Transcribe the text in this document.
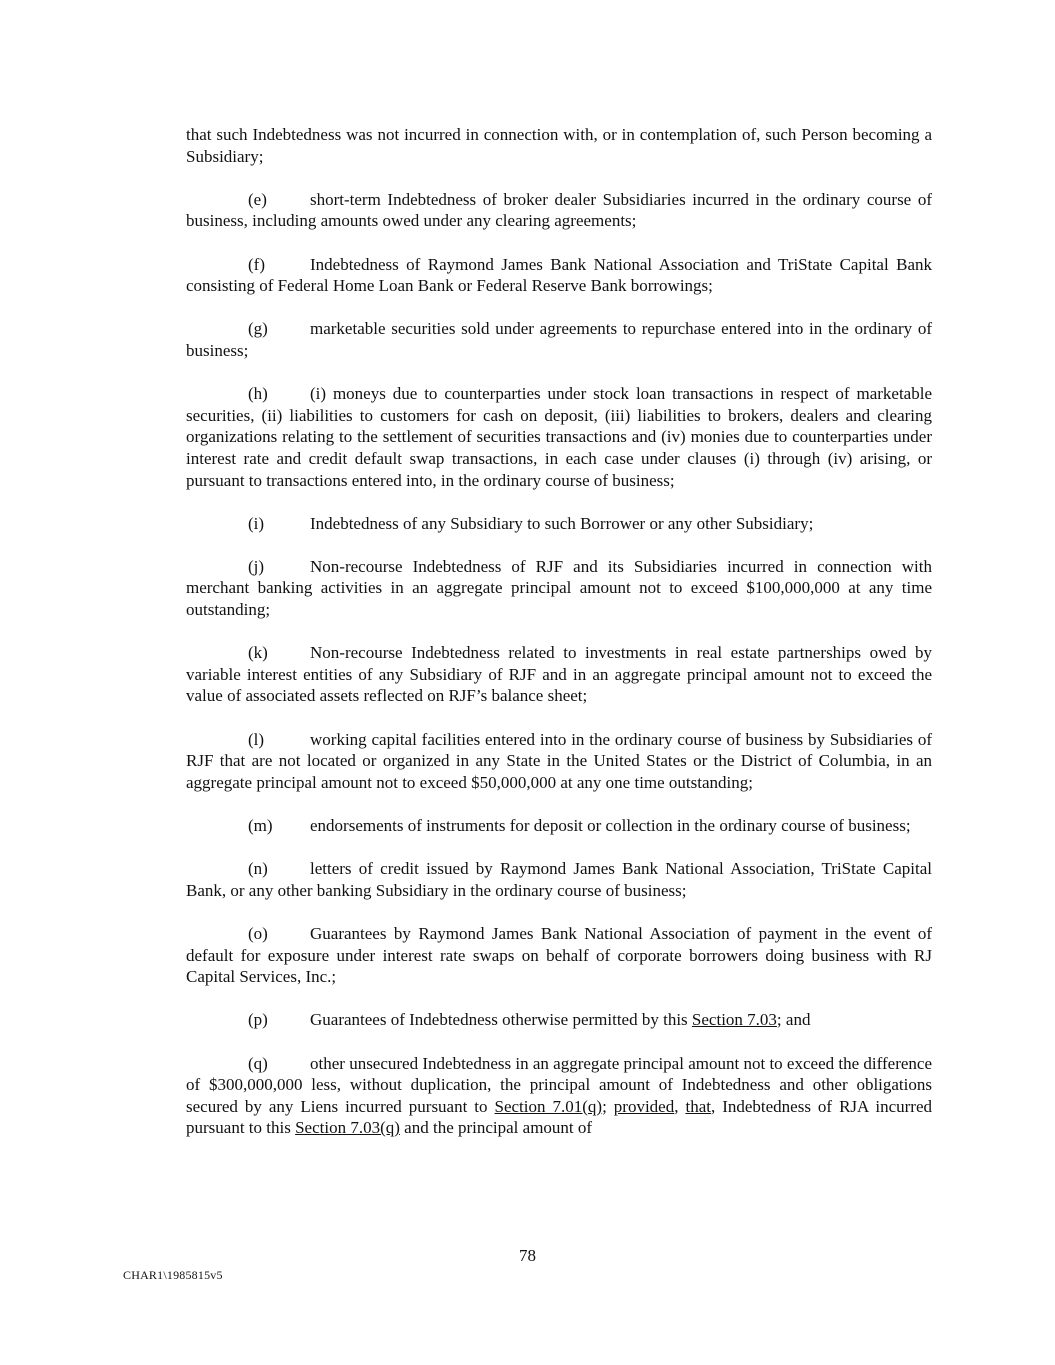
that such Indebtedness was not incurred in connection with, or in contemplation of, such Person becoming a Subsidiary;

(e)	short-term Indebtedness of broker dealer Subsidiaries incurred in the ordinary course of business, including amounts owed under any clearing agreements;

(f)	Indebtedness of Raymond James Bank National Association and TriState Capital Bank consisting of Federal Home Loan Bank or Federal Reserve Bank borrowings;

(g) marketable securities sold under agreements to repurchase entered into in the ordinary of business;

(h) (i) moneys due to counterparties under stock loan transactions in respect of marketable securities, (ii) liabilities to customers for cash on deposit, (iii) liabilities to brokers, dealers and clearing organizations relating to the settlement of securities transactions and (iv) monies due to counterparties under interest rate and credit default swap transactions, in each case under clauses (i) through (iv) arising, or pursuant to transactions entered into, in the ordinary course of business;

(i)	Indebtedness of any Subsidiary to such Borrower or any other Subsidiary;

(j)	Non-recourse Indebtedness of RJF and its Subsidiaries incurred in connection with merchant banking activities in an aggregate principal amount not to exceed $100,000,000 at any time outstanding;

(k) Non-recourse Indebtedness related to investments in real estate partnerships owed by variable interest entities of any Subsidiary of RJF and in an aggregate principal amount not to exceed the value of associated assets reflected on RJF’s balance sheet;

(l)	working capital facilities entered into in the ordinary course of business by Subsidiaries of RJF that are not located or organized in any State in the United States or the District of Columbia, in an aggregate principal amount not to exceed $50,000,000 at any one time outstanding;

(m) endorsements of instruments for deposit or collection in the ordinary course of business;

(n) letters of credit issued by Raymond James Bank National Association, TriState Capital Bank, or any other banking Subsidiary in the ordinary course of business;

(o) Guarantees by Raymond James Bank National Association of payment in the event of default for exposure under interest rate swaps on behalf of corporate borrowers doing business with RJ Capital Services, Inc.;

(p) Guarantees of Indebtedness otherwise permitted by this Section 7.03; and

(q) other unsecured Indebtedness in an aggregate principal amount not to exceed the difference of $300,000,000 less, without duplication, the principal amount of Indebtedness and other obligations secured by any Liens incurred pursuant to Section 7.01(q); provided, that, Indebtedness of RJA incurred pursuant to this Section 7.03(q) and the principal amount of

78
CHAR1\1985815v5
